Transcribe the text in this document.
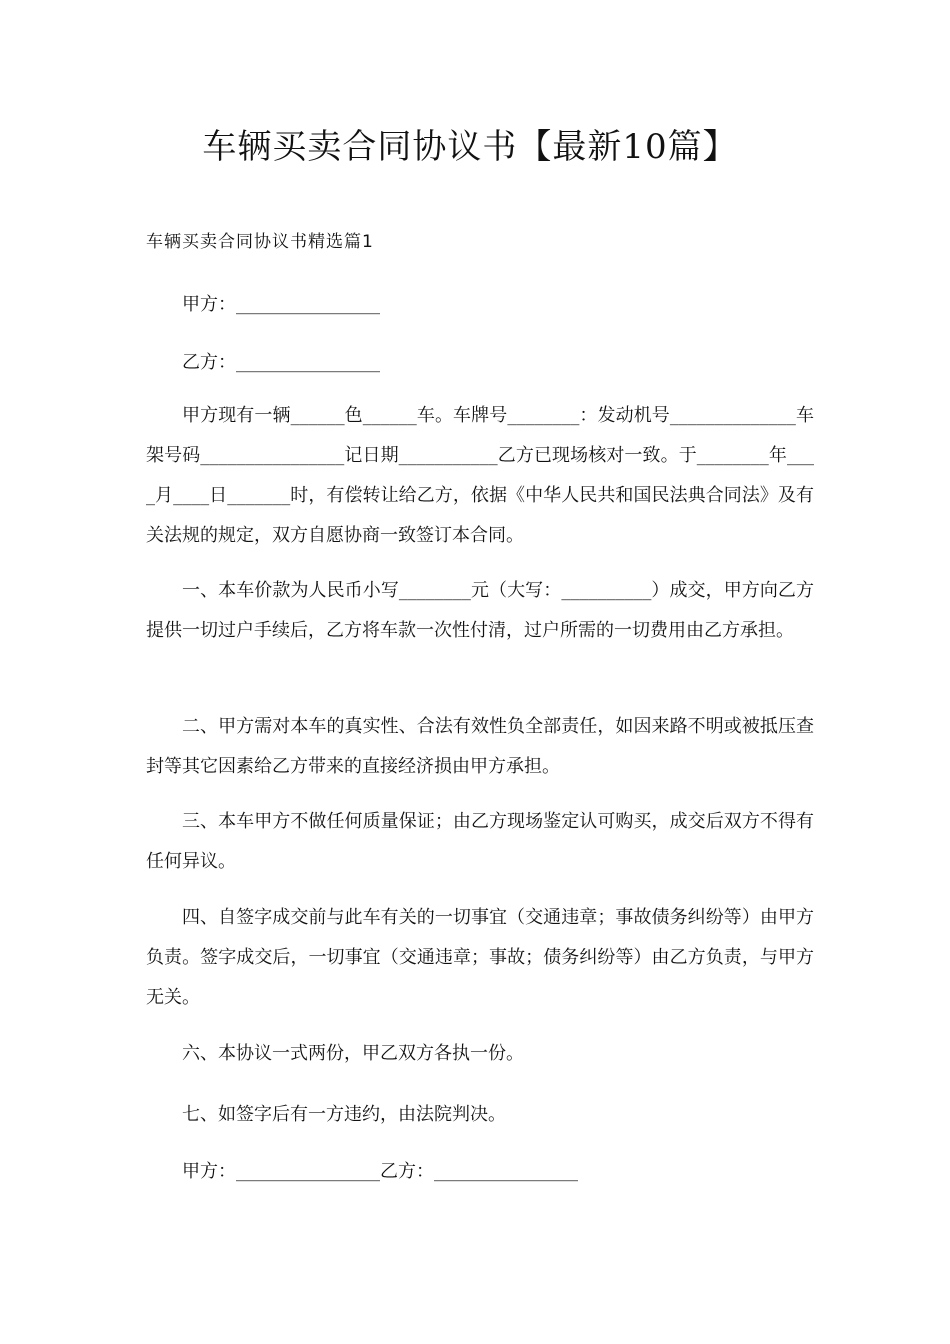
车辆买卖合同协议书【最新10篇】

车辆买卖合同协议书精选篇1

甲方：________________

乙方：________________

甲方现有一辆______色______车。车牌号________：发动机号______________车架号码________________记日期___________乙方已现场核对一致。于________年____月____日_______时，有偿转让给乙方，依据《中华人民共和国民法典合同法》及有关法规的规定，双方自愿协商一致签订本合同。

一、本车价款为人民币小写________元（大写：__________）成交，甲方向乙方提供一切过户手续后，乙方将车款一次性付清，过户所需的一切费用由乙方承担。

二、甲方需对本车的真实性、合法有效性负全部责任，如因来路不明或被抵压查封等其它因素给乙方带来的直接经济损由甲方承担。

三、本车甲方不做任何质量保证；由乙方现场鉴定认可购买，成交后双方不得有任何异议。

四、自签字成交前与此车有关的一切事宜（交通违章；事故债务纠纷等）由甲方负责。签字成交后，一切事宜（交通违章；事故；债务纠纷等）由乙方负责，与甲方无关。

六、本协议一式两份，甲乙双方各执一份。

七、如签字后有一方违约，由法院判决。

甲方：________________乙方：________________
